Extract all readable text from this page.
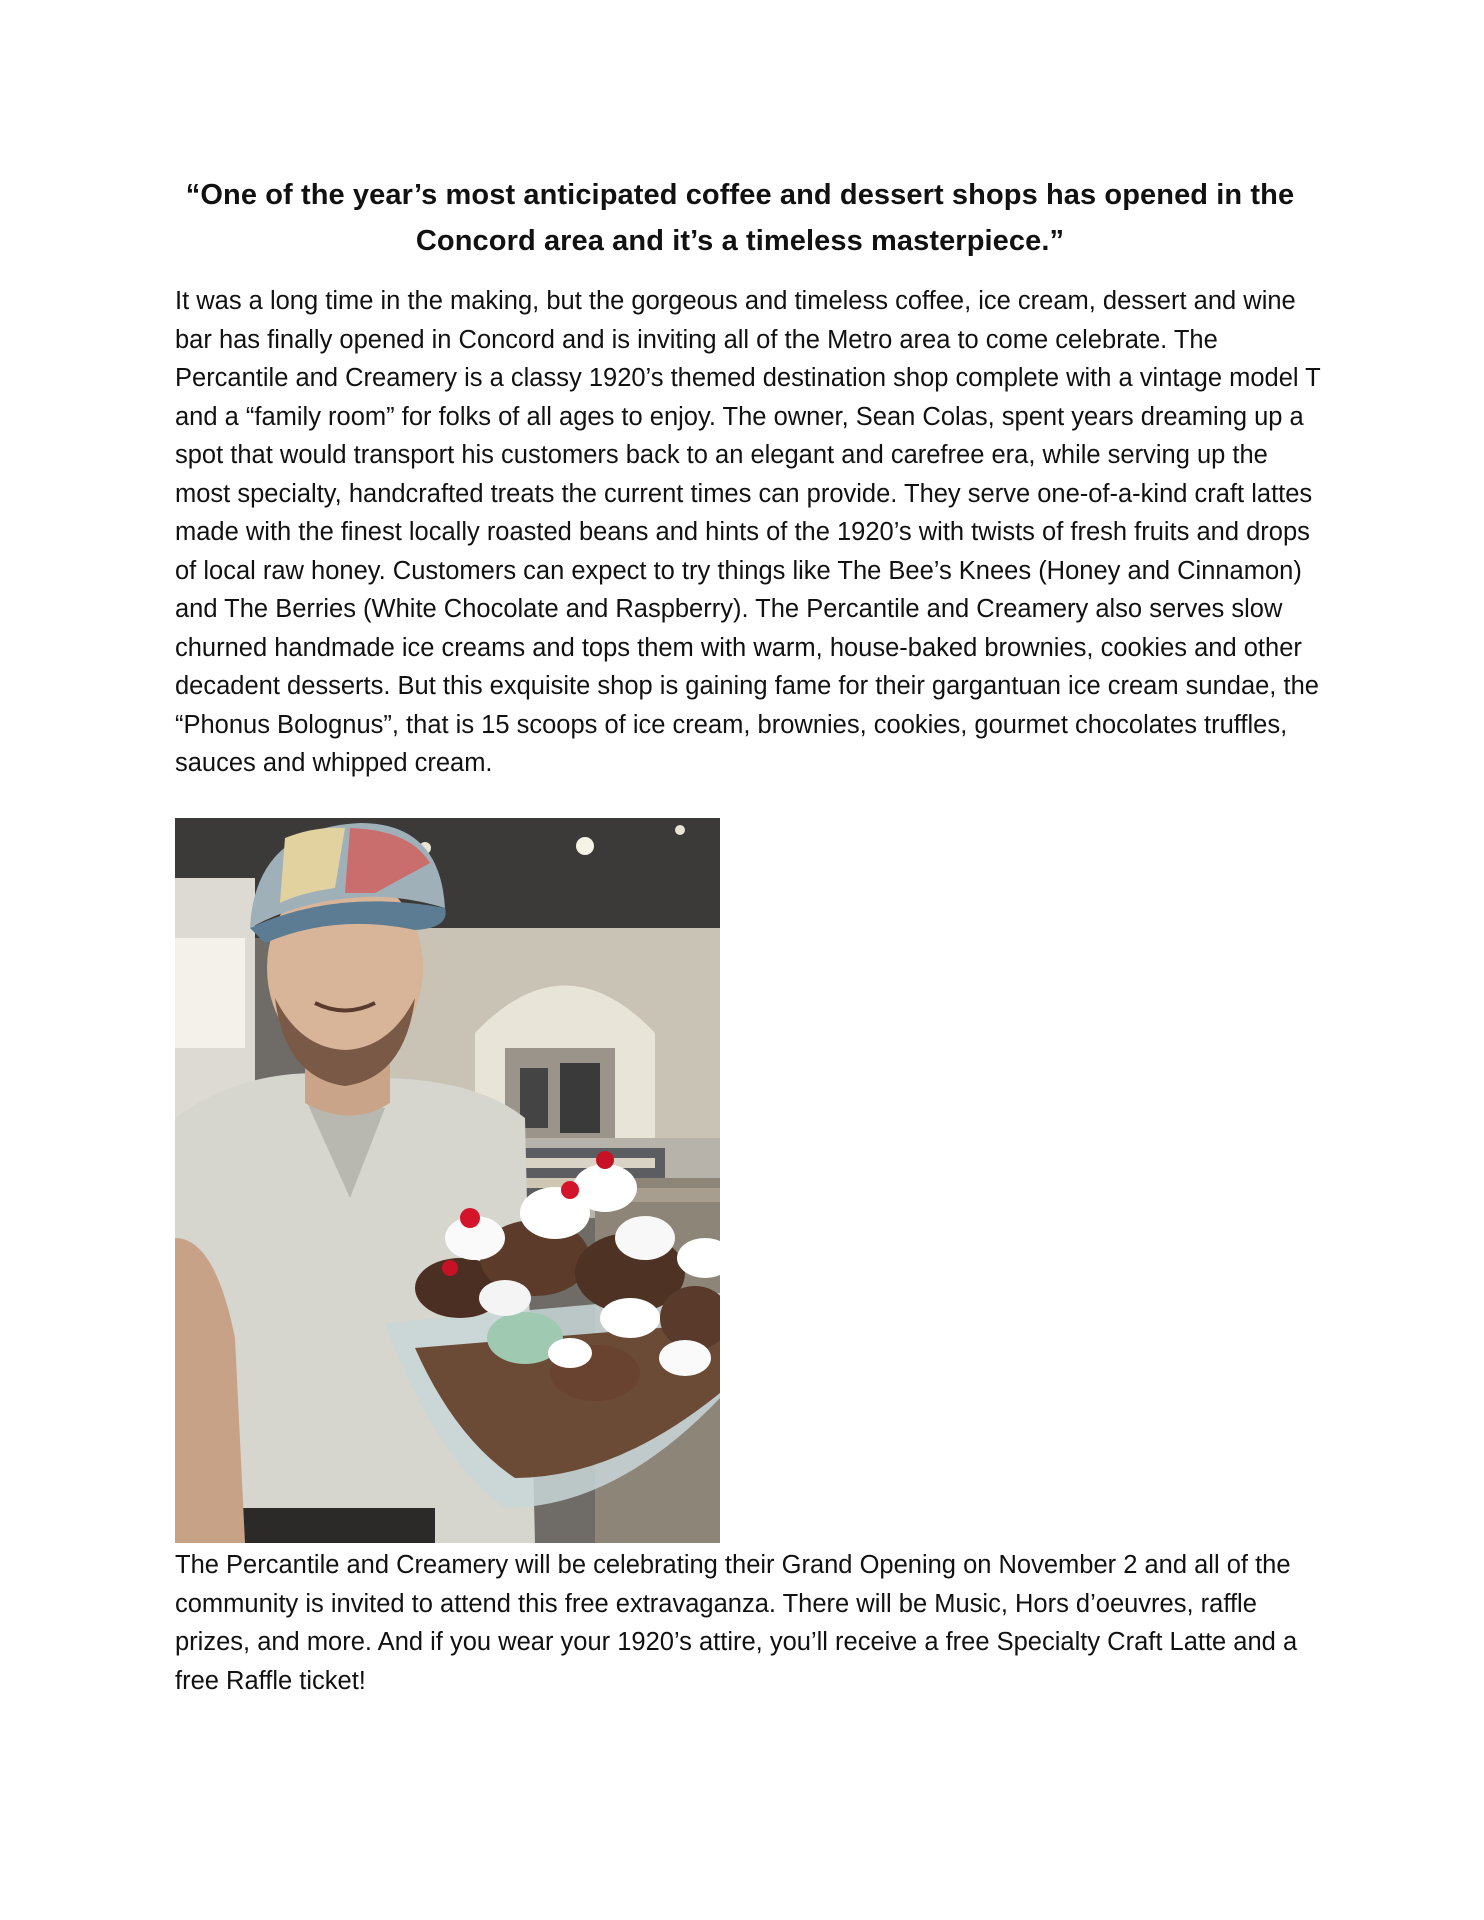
“One of the year’s most anticipated coffee and dessert shops has opened in the
Concord area and it’s a timeless masterpiece.”

It was a long time in the making, but the gorgeous and timeless coffee, ice cream, dessert and wine bar has finally opened in Concord and is inviting all of the Metro area to come celebrate. The Percantile and Creamery is a classy 1920’s themed destination shop complete with a vintage model T and a “family room” for folks of all ages to enjoy. The owner, Sean Colas, spent years dreaming up a spot that would transport his customers back to an elegant and carefree era, while serving up the most specialty, handcrafted treats the current times can provide. They serve one-of-a-kind craft lattes made with the finest locally roasted beans and hints of the 1920’s with twists of fresh fruits and drops of local raw honey. Customers can expect to try things like The Bee’s Knees (Honey and Cinnamon) and The Berries (White Chocolate and Raspberry). The Percantile and Creamery also serves slow churned handmade ice creams and tops them with warm, house-baked brownies, cookies and other decadent desserts. But this exquisite shop is gaining fame for their gargantuan ice cream sundae, the “Phonus Bolognus”, that is 15 scoops of ice cream, brownies, cookies, gourmet chocolates truffles, sauces and whipped cream.

The Percantile and Creamery will be celebrating their Grand Opening on November 2 and all of the community is invited to attend this free extravaganza. There will be Music, Hors d’oeuvres, raffle prizes, and more. And if you wear your 1920’s attire, you’ll receive a free Specialty Craft Latte and a free Raffle ticket!
